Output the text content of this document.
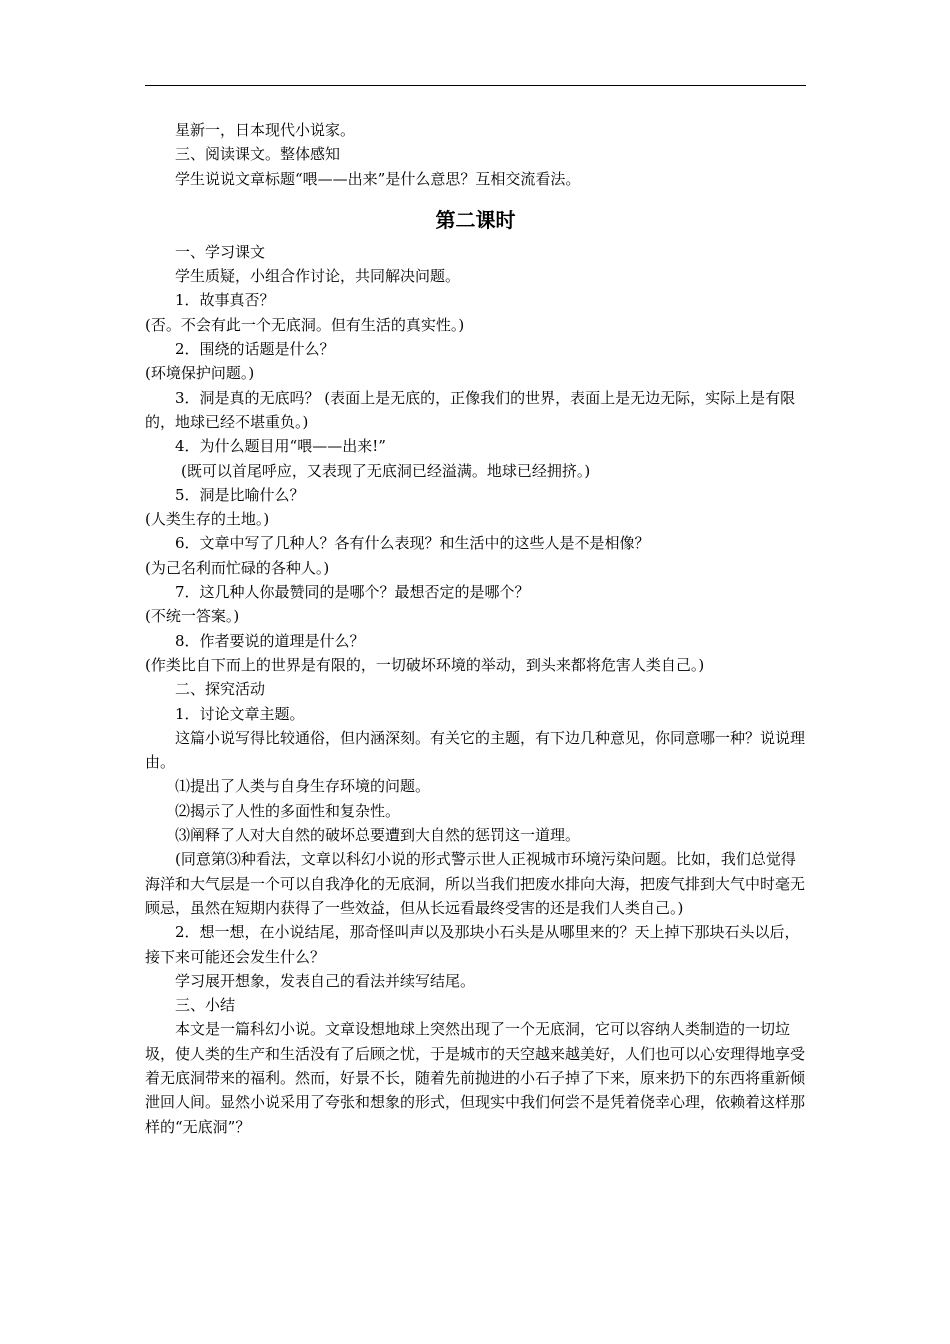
星新一，日本现代小说家。

三、阅读课文。整体感知

学生说说文章标题“喂——出来”是什么意思？互相交流看法。

第二课时

一、学习课文

学生质疑，小组合作讨论，共同解决问题。

1．故事真否？

(否。不会有此一个无底洞。但有生活的真实性。)

2．围绕的话题是什么？

(环境保护问题。)

3．洞是真的无底吗？ (表面上是无底的，正像我们的世界，表面上是无边无际，实际上是有限的，地球已经不堪重负。)

4．为什么题目用“喂——出来!”

(既可以首尾呼应，又表现了无底洞已经溢满。地球已经拥挤。)

5．洞是比喻什么？

(人类生存的土地。)

6．文章中写了几种人？各有什么表现？和生活中的这些人是不是相像？

(为己名利而忙碌的各种人。)

7．这几种人你最赞同的是哪个？最想否定的是哪个？

(不统一答案。)

8．作者要说的道理是什么？

(作类比自下而上的世界是有限的，一切破坏环境的举动，到头来都将危害人类自己。)

二、探究活动

1．讨论文章主题。

这篇小说写得比较通俗，但内涵深刻。有关它的主题，有下边几种意见，你同意哪一种？说说理由。

⑴提出了人类与自身生存环境的问题。

⑵揭示了人性的多面性和复杂性。

⑶阐释了人对大自然的破坏总要遭到大自然的惩罚这一道理。

(同意第⑶种看法，文章以科幻小说的形式警示世人正视城市环境污染问题。比如，我们总觉得海洋和大气层是一个可以自我净化的无底洞，所以当我们把废水排向大海，把废气排到大气中时毫无顾忌，虽然在短期内获得了一些效益，但从长远看最终受害的还是我们人类自己。)

2．想一想，在小说结尾，那奇怪叫声以及那块小石头是从哪里来的？天上掉下那块石头以后，接下来可能还会发生什么？

学习展开想象，发表自己的看法并续写结尾。

三、小结

本文是一篇科幻小说。文章设想地球上突然出现了一个无底洞，它可以容纳人类制造的一切垃圾，使人类的生产和生活没有了后顾之忧，于是城市的天空越来越美好，人们也可以心安理得地享受着无底洞带来的福利。然而，好景不长，随着先前抛进的小石子掉了下来，原来扔下的东西将重新倾泄回人间。显然小说采用了夸张和想象的形式，但现实中我们何尝不是凭着侥幸心理，依赖着这样那样的“无底洞”？
